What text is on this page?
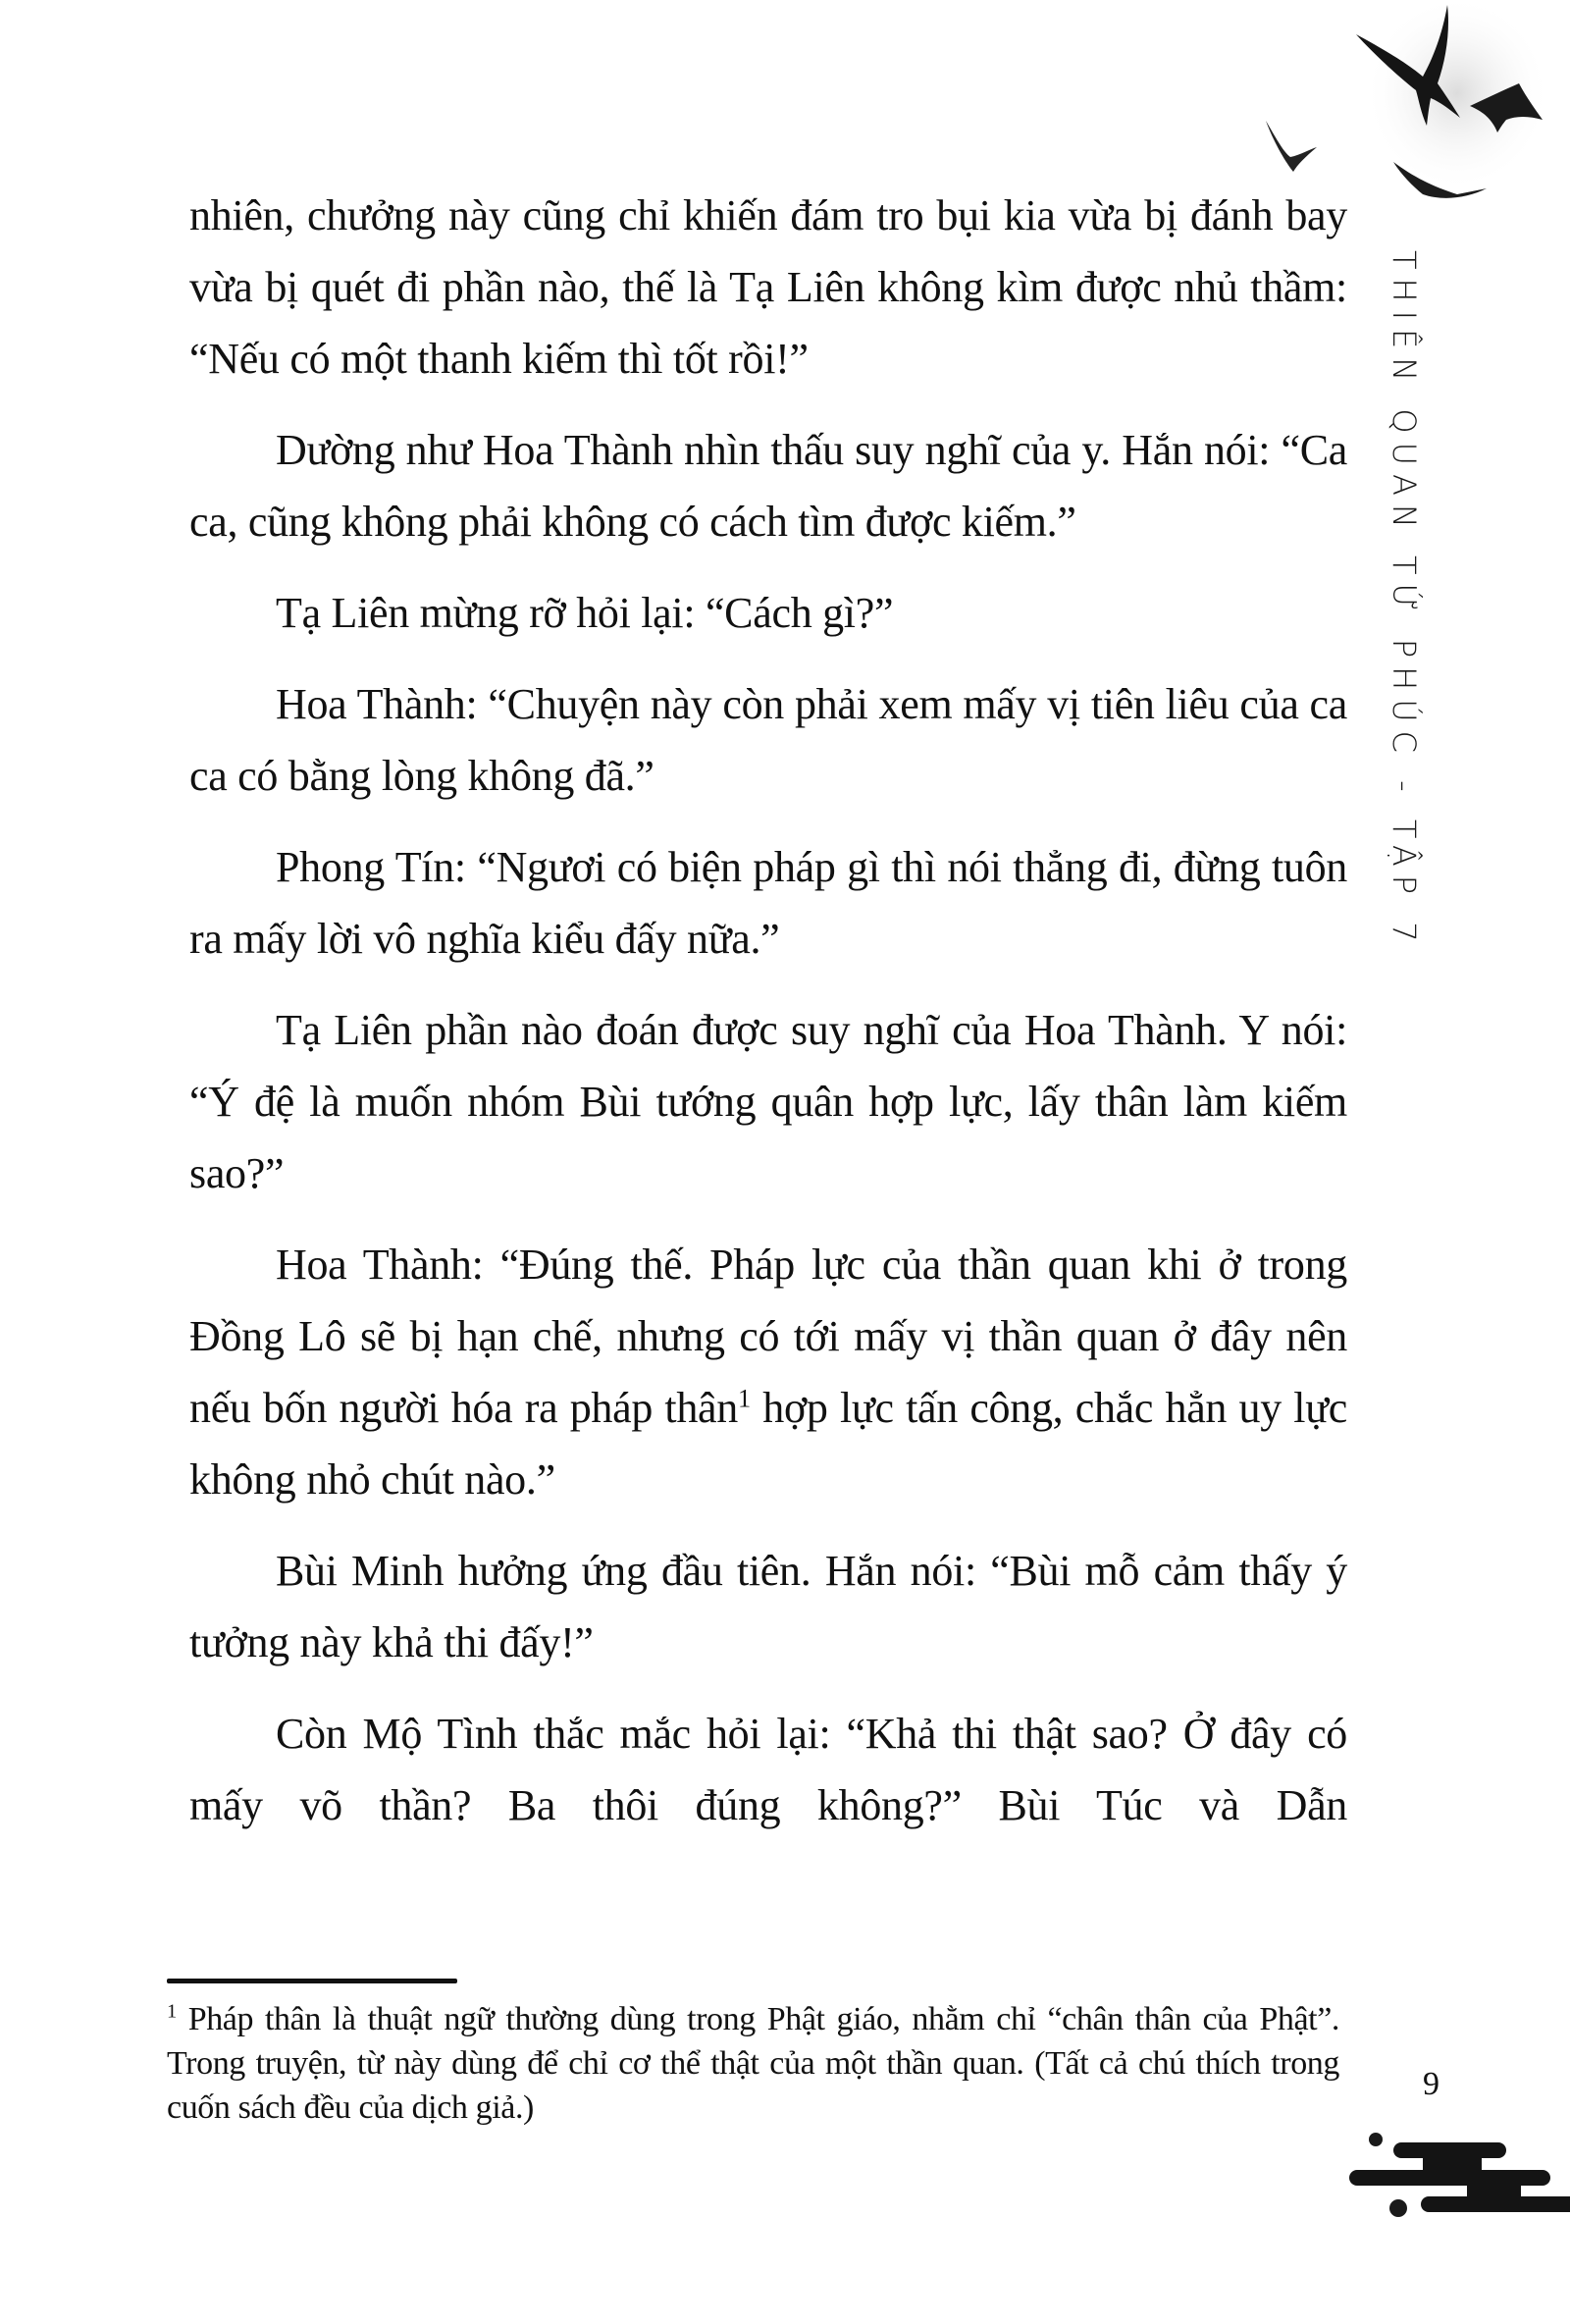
THIÊN QUAN TỨ PHÚC - TẬP 7

nhiên, chưởng này cũng chỉ khiến đám tro bụi kia vừa bị đánh bay vừa bị quét đi phần nào, thế là Tạ Liên không kìm được nhủ thầm: “Nếu có một thanh kiếm thì tốt rồi!”

Dường như Hoa Thành nhìn thấu suy nghĩ của y. Hắn nói: “Ca ca, cũng không phải không có cách tìm được kiếm.”

Tạ Liên mừng rỡ hỏi lại: “Cách gì?”

Hoa Thành: “Chuyện này còn phải xem mấy vị tiên liêu của ca ca có bằng lòng không đã.”

Phong Tín: “Ngươi có biện pháp gì thì nói thẳng đi, đừng tuôn ra mấy lời vô nghĩa kiểu đấy nữa.”

Tạ Liên phần nào đoán được suy nghĩ của Hoa Thành. Y nói: “Ý đệ là muốn nhóm Bùi tướng quân hợp lực, lấy thân làm kiếm sao?”

Hoa Thành: “Đúng thế. Pháp lực của thần quan khi ở trong Đồng Lô sẽ bị hạn chế, nhưng có tới mấy vị thần quan ở đây nên nếu bốn người hóa ra pháp thân$^1$ hợp lực tấn công, chắc hẳn uy lực không nhỏ chút nào.”

Bùi Minh hưởng ứng đầu tiên. Hắn nói: “Bùi mỗ cảm thấy ý tưởng này khả thi đấy!”

Còn Mộ Tình thắc mắc hỏi lại: “Khả thi thật sao? Ở đây có mấy võ thần? Ba thôi đúng không?” Bùi Túc và Dẫn

$^1$ Pháp thân là thuật ngữ thường dùng trong Phật giáo, nhằm chỉ “chân thân của Phật”. Trong truyện, từ này dùng để chỉ cơ thể thật của một thần quan. (Tất cả chú thích trong cuốn sách đều của dịch giả.)
9
